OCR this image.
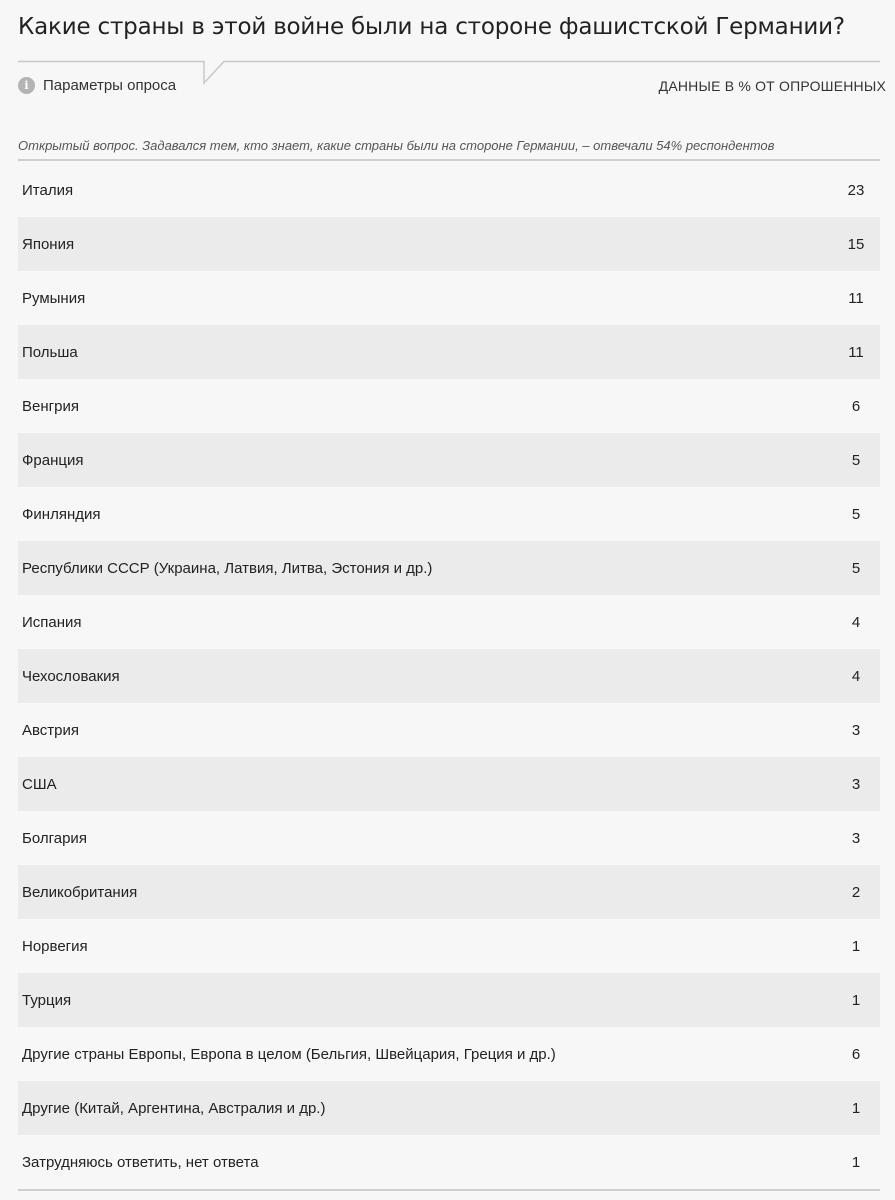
Какие страны в этой войне были на стороне фашистской Германии?
i Параметры опроса	ДАННЫЕ В % ОТ ОПРОШЕННЫХ
Открытый вопрос. Задавался тем, кто знает, какие страны были на стороне Германии, – отвечали 54% респондентов
Италия	23
Япония	15
Румыния	11
Польша	11
Венгрия	6
Франция	5
Финляндия	5
Республики СССР (Украина, Латвия, Литва, Эстония и др.)	5
Испания	4
Чехословакия	4
Австрия	3
США	3
Болгария	3
Великобритания	2
Норвегия	1
Турция	1
Другие страны Европы, Европа в целом (Бельгия, Швейцария, Греция и др.)	6
Другие (Китай, Аргентина, Австралия и др.)	1
Затрудняюсь ответить, нет ответа	1
